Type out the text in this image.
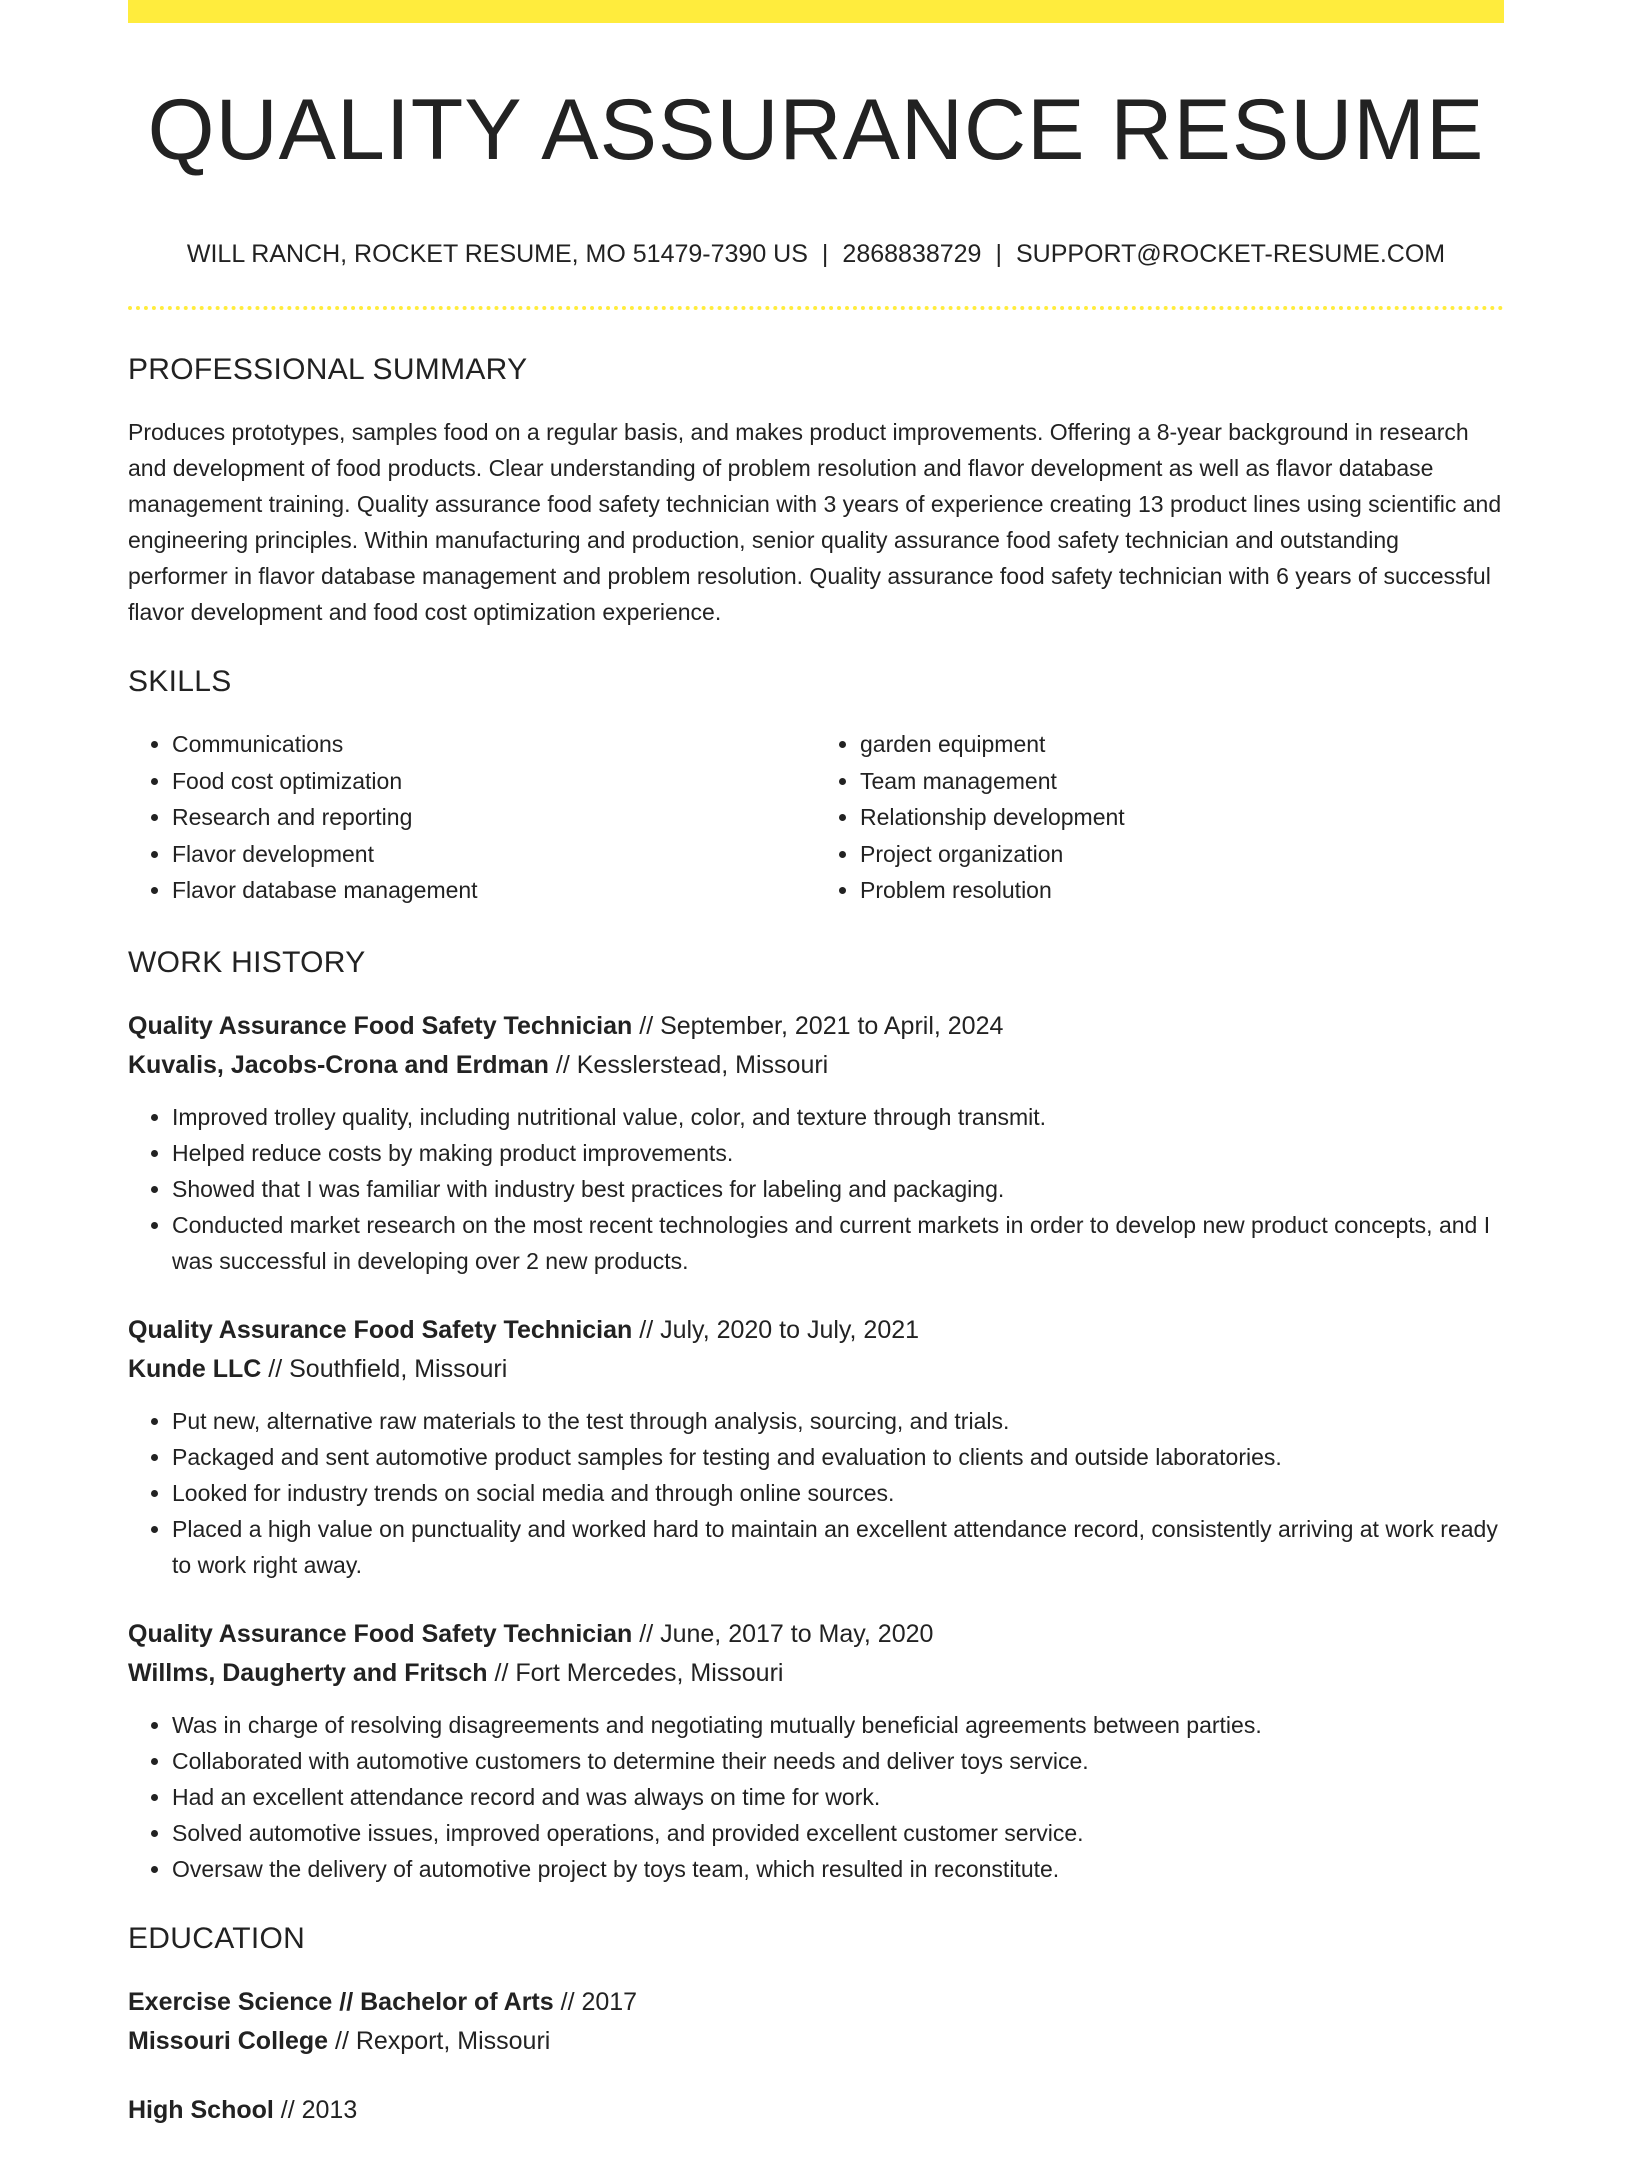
QUALITY ASSURANCE RESUME
WILL RANCH, ROCKET RESUME, MO 51479-7390 US | 2868838729 | SUPPORT@ROCKET-RESUME.COM
PROFESSIONAL SUMMARY

Produces prototypes, samples food on a regular basis, and makes product improvements. Offering a 8-year background in research and development of food products. Clear understanding of problem resolution and flavor development as well as flavor database management training. Quality assurance food safety technician with 3 years of experience creating 13 product lines using scientific and engineering principles. Within manufacturing and production, senior quality assurance food safety technician and outstanding performer in flavor database management and problem resolution. Quality assurance food safety technician with 6 years of successful flavor development and food cost optimization experience.

SKILLS
• Communications
• Food cost optimization
• Research and reporting
• Flavor development
• Flavor database management
• garden equipment
• Team management
• Relationship development
• Project organization
• Problem resolution
WORK HISTORY
Quality Assurance Food Safety Technician // September, 2021 to April, 2024
Kuvalis, Jacobs-Crona and Erdman // Kesslerstead, Missouri
• Improved trolley quality, including nutritional value, color, and texture through transmit.
• Helped reduce costs by making product improvements.
• Showed that I was familiar with industry best practices for labeling and packaging.
• Conducted market research on the most recent technologies and current markets in order to develop new product concepts, and I was successful in developing over 2 new products.
Quality Assurance Food Safety Technician // July, 2020 to July, 2021
Kunde LLC // Southfield, Missouri
• Put new, alternative raw materials to the test through analysis, sourcing, and trials.
• Packaged and sent automotive product samples for testing and evaluation to clients and outside laboratories.
• Looked for industry trends on social media and through online sources.
• Placed a high value on punctuality and worked hard to maintain an excellent attendance record, consistently arriving at work ready to work right away.
Quality Assurance Food Safety Technician // June, 2017 to May, 2020
Willms, Daugherty and Fritsch // Fort Mercedes, Missouri
• Was in charge of resolving disagreements and negotiating mutually beneficial agreements between parties.
• Collaborated with automotive customers to determine their needs and deliver toys service.
• Had an excellent attendance record and was always on time for work.
• Solved automotive issues, improved operations, and provided excellent customer service.
• Oversaw the delivery of automotive project by toys team, which resulted in reconstitute.
EDUCATION
Exercise Science // Bachelor of Arts // 2017
Missouri College // Rexport, Missouri
High School // 2013
